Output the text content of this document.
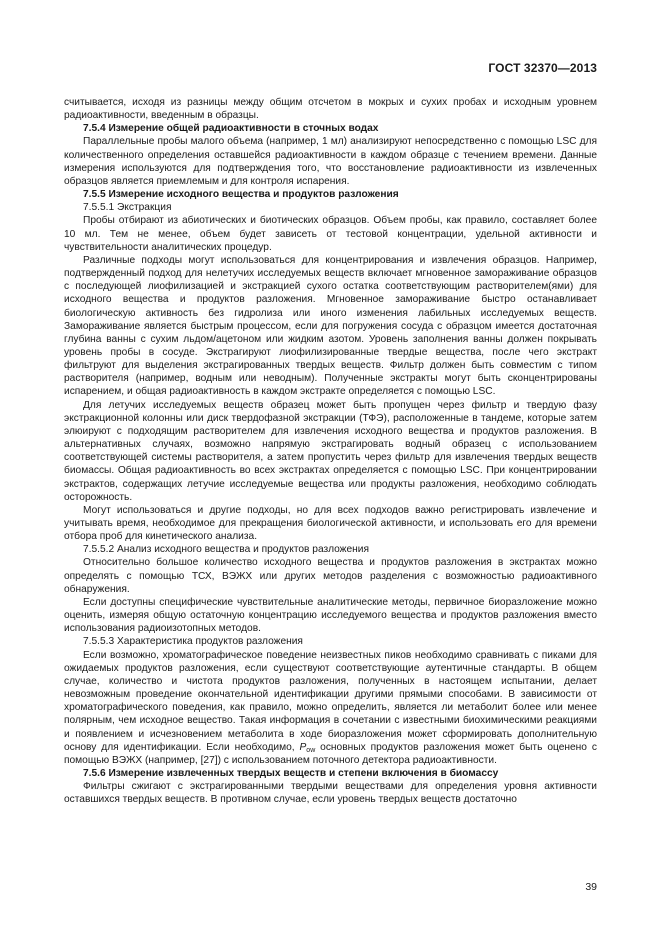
ГОСТ 32370—2013

считывается, исходя из разницы между общим отсчетом в мокрых и сухих пробах и исходным уровнем радиоактивности, введенным в образцы.

7.5.4 Измерение общей радиоактивности в сточных водах

Параллельные пробы малого объема (например, 1 мл) анализируют непосредственно с помощью LSC для количественного определения оставшейся радиоактивности в каждом образце с течением времени. Данные измерения используются для подтверждения того, что восстановление радиоактивности из извлеченных образцов является приемлемым и для контроля испарения.

7.5.5 Измерение исходного вещества и продуктов разложения

7.5.5.1 Экстракция

Пробы отбирают из абиотических и биотических образцов. Объем пробы, как правило, составляет более 10 мл. Тем не менее, объем будет зависеть от тестовой концентрации, удельной активности и чувствительности аналитических процедур.

Различные подходы могут использоваться для концентрирования и извлечения образцов. Например, подтвержденный подход для нелетучих исследуемых веществ включает мгновенное замораживание образцов с последующей лиофилизацией и экстракцией сухого остатка соответствующим растворителем(ями) для исходного вещества и продуктов разложения. Мгновенное замораживание быстро останавливает биологическую активность без гидролиза или иного изменения лабильных исследуемых веществ. Замораживание является быстрым процессом, если для погружения сосуда с образцом имеется достаточная глубина ванны с сухим льдом/ацетоном или жидким азотом. Уровень заполнения ванны должен покрывать уровень пробы в сосуде. Экстрагируют лиофилизированные твердые вещества, после чего экстракт фильтруют для выделения экстрагированных твердых веществ. Фильтр должен быть совместим с типом растворителя (например, водным или неводным). Полученные экстракты могут быть сконцентрированы испарением, и общая радиоактивность в каждом экстракте определяется с помощью LSC.

Для летучих исследуемых веществ образец может быть пропущен через фильтр и твердую фазу экстракционной колонны или диск твердофазной экстракции (ТФЭ), расположенные в тандеме, которые затем элюируют с подходящим растворителем для извлечения исходного вещества и продуктов разложения. В альтернативных случаях, возможно напрямую экстрагировать водный образец с использованием соответствующей системы растворителя, а затем пропустить через фильтр для извлечения твердых веществ биомассы. Общая радиоактивность во всех экстрактах определяется с помощью LSC. При концентрировании экстрактов, содержащих летучие исследуемые вещества или продукты разложения, необходимо соблюдать осторожность.

Могут использоваться и другие подходы, но для всех подходов важно регистрировать извлечение и учитывать время, необходимое для прекращения биологической активности, и использовать его для времени отбора проб для кинетического анализа.

7.5.5.2 Анализ исходного вещества и продуктов разложения

Относительно большое количество исходного вещества и продуктов разложения в экстрактах можно определять с помощью ТСХ, ВЭЖХ или других методов разделения с возможностью радиоактивного обнаружения.

Если доступны специфические чувствительные аналитические методы, первичное биоразложение можно оценить, измеряя общую остаточную концентрацию исследуемого вещества и продуктов разложения вместо использования радиоизотопных методов.

7.5.5.3 Характеристика продуктов разложения

Если возможно, хроматографическое поведение неизвестных пиков необходимо сравнивать с пиками для ожидаемых продуктов разложения, если существуют соответствующие аутентичные стандарты. В общем случае, количество и чистота продуктов разложения, полученных в настоящем испытании, делает невозможным проведение окончательной идентификации другими прямыми способами. В зависимости от хроматографического поведения, как правило, можно определить, является ли метаболит более или менее полярным, чем исходное вещество. Такая информация в сочетании с известными биохимическими реакциями и появлением и исчезновением метаболита в ходе биоразложения может сформировать дополнительную основу для идентификации. Если необходимо, $P_{ow}$ основных продуктов разложения может быть оценено с помощью ВЭЖХ (например, [27]) с использованием поточного детектора радиоактивности.

7.5.6 Измерение извлеченных твердых веществ и степени включения в биомассу

Фильтры сжигают с экстрагированными твердыми веществами для определения уровня активности оставшихся твердых веществ. В противном случае, если уровень твердых веществ достаточно

39
